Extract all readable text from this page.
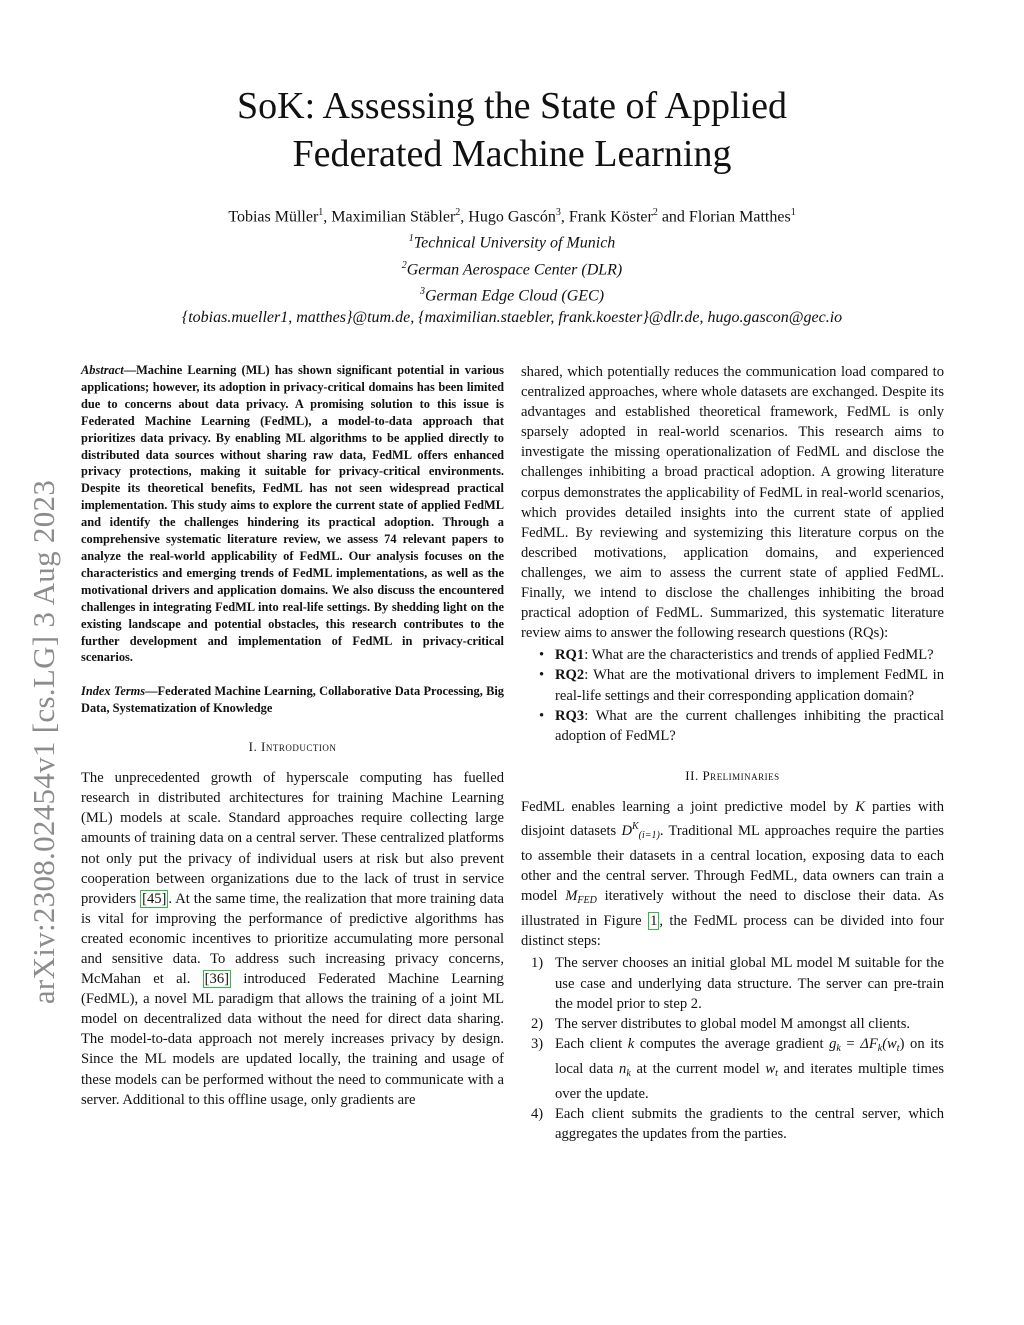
arXiv:2308.02454v1 [cs.LG] 3 Aug 2023
SoK: Assessing the State of Applied
Federated Machine Learning
Tobias Müller$^1$, Maximilian Stäbler$^2$, Hugo Gascón$^3$, Frank Köster$^2$ and Florian Matthes$^1$
$^1$Technical University of Munich
$^2$German Aerospace Center (DLR)
$^3$German Edge Cloud (GEC)
{tobias.mueller1, matthes}@tum.de, {maximilian.staebler, frank.koester}@dlr.de, hugo.gascon@gec.io

Abstract—Machine Learning (ML) has shown significant potential in various applications; however, its adoption in privacy-critical domains has been limited due to concerns about data privacy. A promising solution to this issue is Federated Machine Learning (FedML), a model-to-data approach that prioritizes data privacy. By enabling ML algorithms to be applied directly to distributed data sources without sharing raw data, FedML offers enhanced privacy protections, making it suitable for privacy-critical environments. Despite its theoretical benefits, FedML has not seen widespread practical implementation. This study aims to explore the current state of applied FedML and identify the challenges hindering its practical adoption. Through a comprehensive systematic literature review, we assess 74 relevant papers to analyze the real-world applicability of FedML. Our analysis focuses on the characteristics and emerging trends of FedML implementations, as well as the motivational drivers and application domains. We also discuss the encountered challenges in integrating FedML into real-life settings. By shedding light on the existing landscape and potential obstacles, this research contributes to the further development and implementation of FedML in privacy-critical scenarios.

Index Terms—Federated Machine Learning, Collaborative Data Processing, Big Data, Systematization of Knowledge

I. Introduction

The unprecedented growth of hyperscale computing has fuelled research in distributed architectures for training Machine Learning (ML) models at scale. Standard approaches require collecting large amounts of training data on a central server. These centralized platforms not only put the privacy of individual users at risk but also prevent cooperation between organizations due to the lack of trust in service providers [45] . At the same time, the realization that more training data is vital for improving the performance of predictive algorithms has created economic incentives to prioritize accumulating more personal and sensitive data. To address such increasing privacy concerns, McMahan et al. [36] introduced Federated Machine Learning (FedML), a novel ML paradigm that allows the training of a joint ML model on decentralized data without the need for direct data sharing. The model-to-data approach not merely increases privacy by design. Since the ML models are updated locally, the training and usage of these models can be performed without the need to communicate with a server. Additional to this offline usage, only gradients are

shared, which potentially reduces the communication load compared to centralized approaches, where whole datasets are exchanged. Despite its advantages and established theoretical framework, FedML is only sparsely adopted in real-world scenarios. This research aims to investigate the missing operationalization of FedML and disclose the challenges inhibiting a broad practical adoption. A growing literature corpus demonstrates the applicability of FedML in real-world scenarios, which provides detailed insights into the current state of applied FedML. By reviewing and systemizing this literature corpus on the described motivations, application domains, and experienced challenges, we aim to assess the current state of applied FedML. Finally, we intend to disclose the challenges inhibiting the broad practical adoption of FedML. Summarized, this systematic literature review aims to answer the following research questions (RQs):

• RQ1: What are the characteristics and trends of applied FedML?
• RQ2: What are the motivational drivers to implement FedML in real-life settings and their corresponding application domain?
• RQ3: What are the current challenges inhibiting the practical adoption of FedML?
II. Preliminaries

FedML enables learning a joint predictive model by K parties with disjoint datasets $D^K_{(i=1)}$. Traditional ML approaches require the parties to assemble their datasets in a central location, exposing data to each other and the central server. Through FedML, data owners can train a model $M_{FED}$ iteratively without the need to disclose their data. As illustrated in Figure 1 , the FedML process can be divided into four distinct steps:

1) The server chooses an initial global ML model M suitable for the use case and underlying data structure. The server can pre-train the model prior to step 2.
2) The server distributes to global model M amongst all clients.
3) Each client k computes the average gradient $g_k = \Delta F_k(w_t)$ on its local data $n_k$ at the current model $w_t$ and iterates multiple times over the update.
4) Each client submits the gradients to the central server, which aggregates the updates from the parties.
